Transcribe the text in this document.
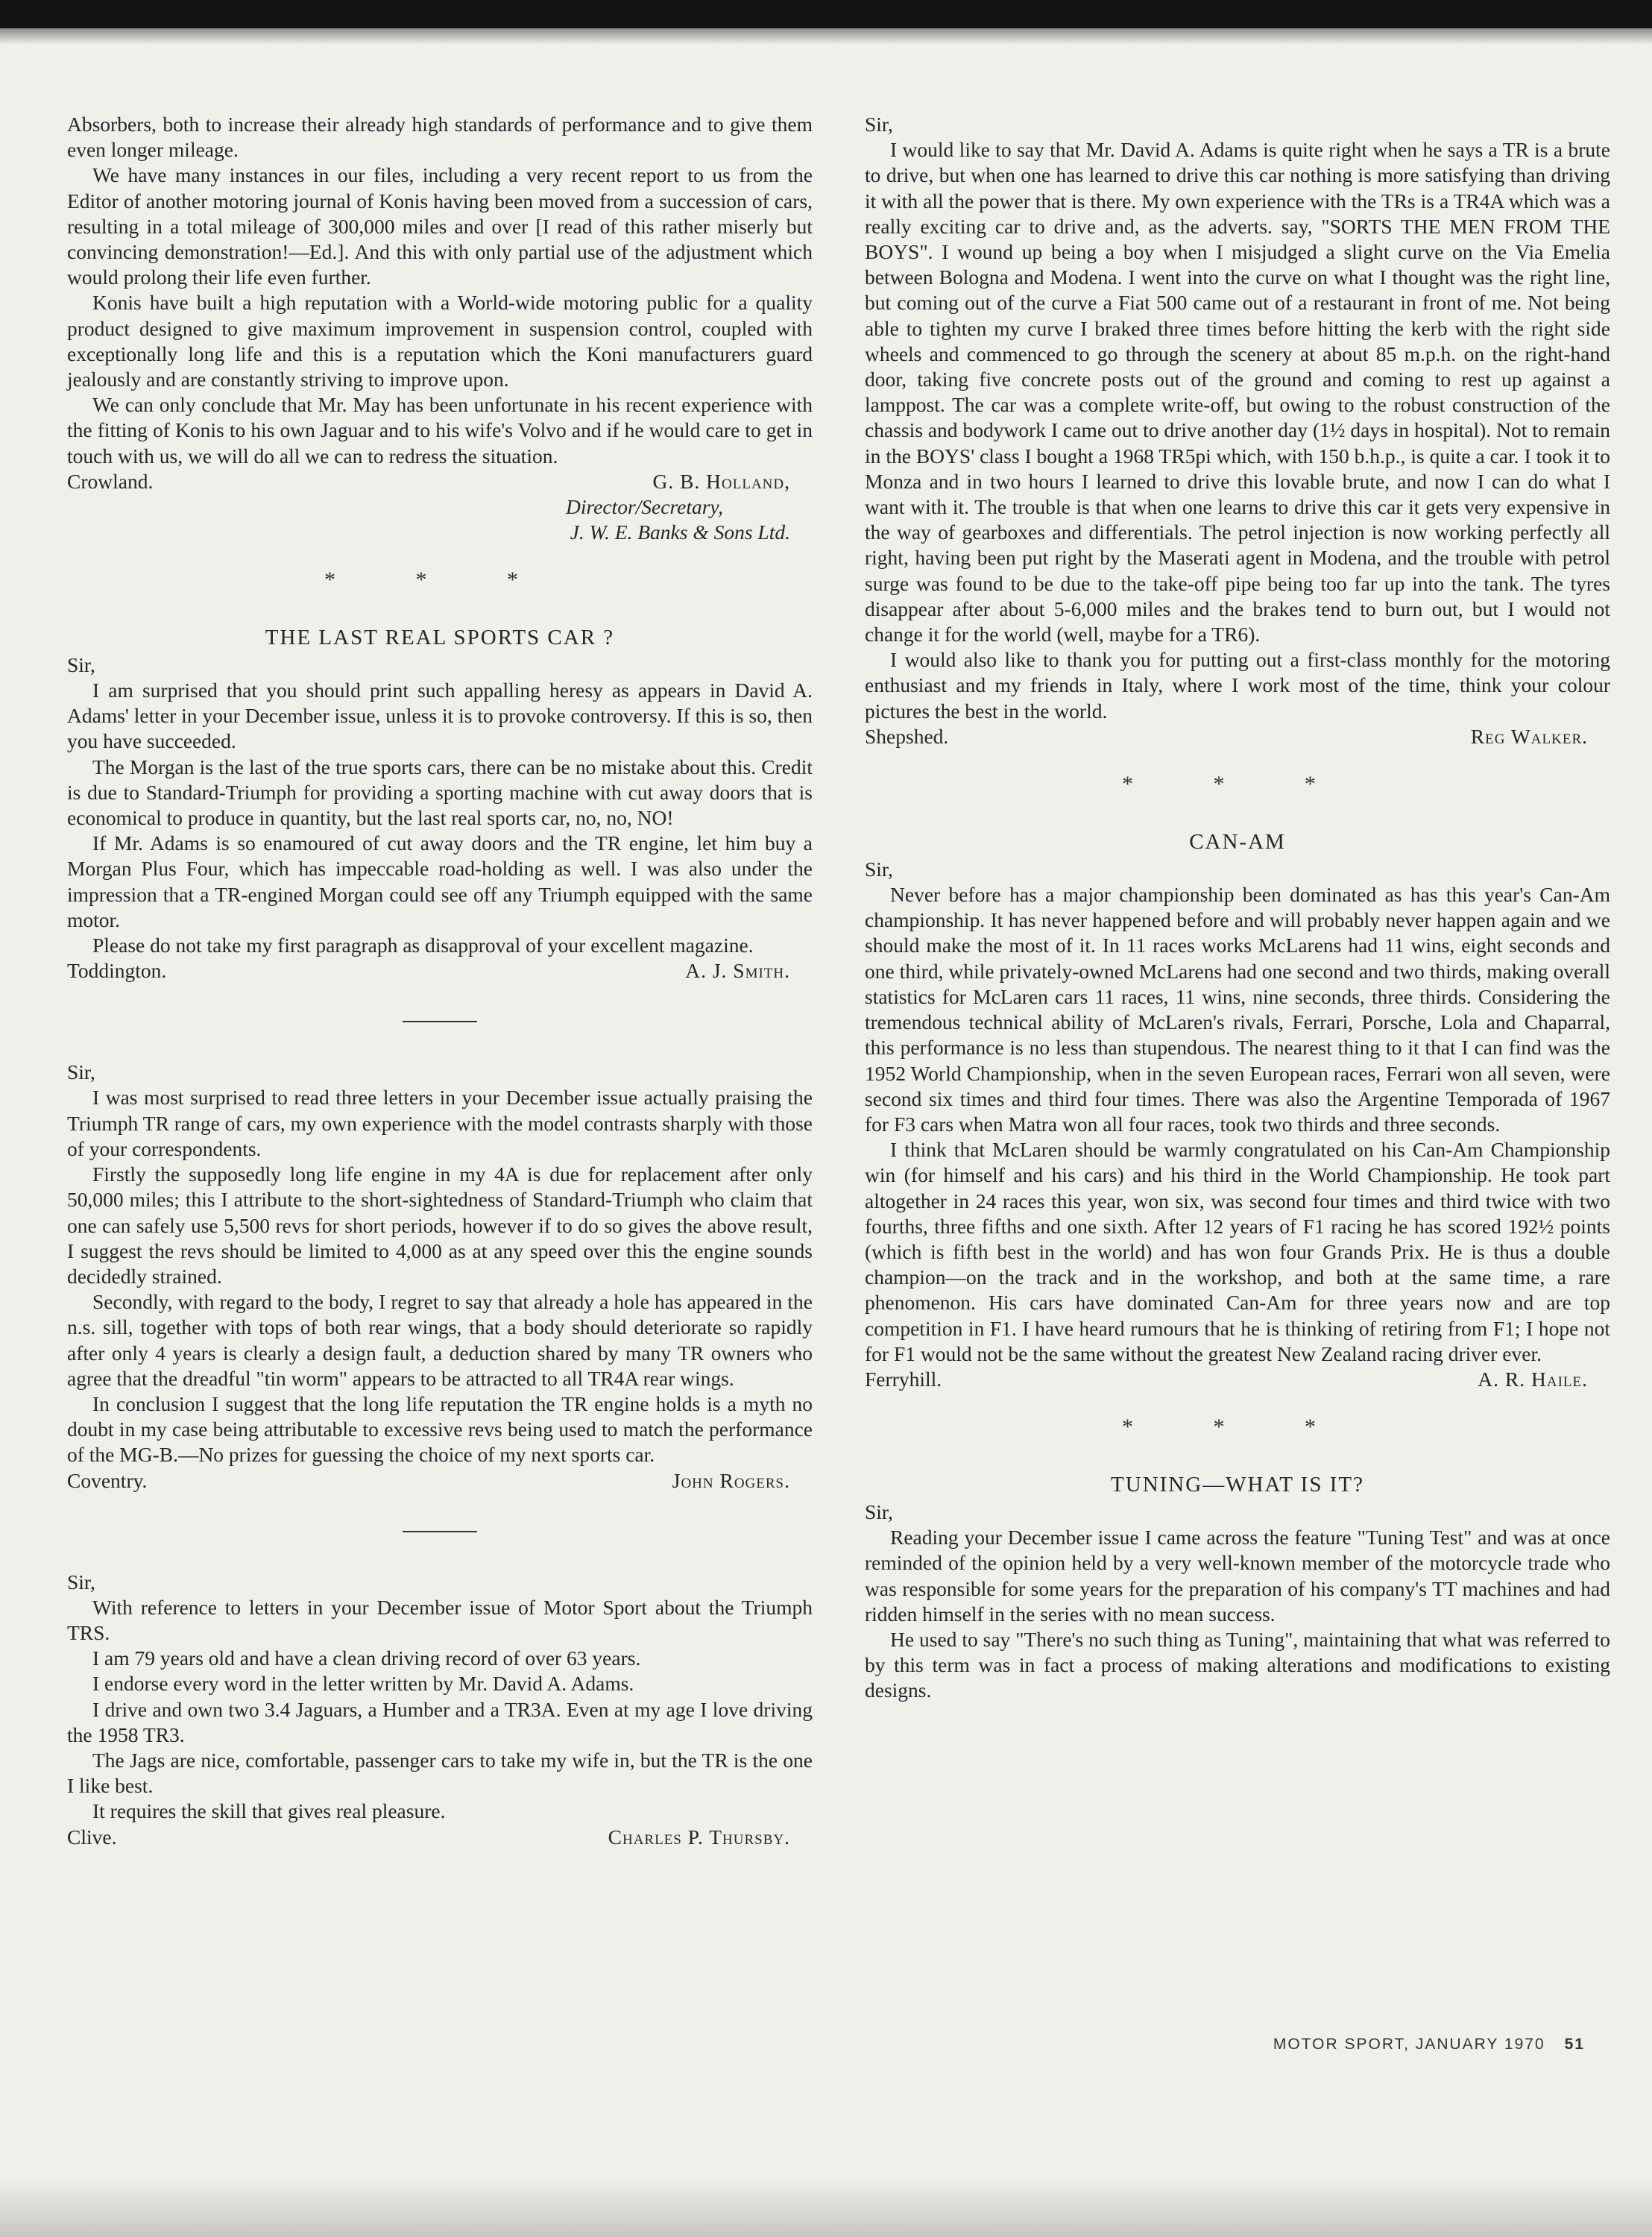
Absorbers, both to increase their already high standards of performance and to give them even longer mileage.

We have many instances in our files, including a very recent report to us from the Editor of another motoring journal of Konis having been moved from a succession of cars, resulting in a total mileage of 300,000 miles and over [I read of this rather miserly but convincing demonstration!—Ed.]. And this with only partial use of the adjustment which would prolong their life even further.

Konis have built a high reputation with a World-wide motoring public for a quality product designed to give maximum improvement in suspension control, coupled with exceptionally long life and this is a reputation which the Koni manufacturers guard jealously and are constantly striving to improve upon.

We can only conclude that Mr. May has been unfortunate in his recent experience with the fitting of Konis to his own Jaguar and to his wife's Volvo and if he would care to get in touch with us, we will do all we can to redress the situation.

Crowland.	G. B. Holland,
Director/Secretary,
J. W. E. Banks & Sons Ltd.
* * *
THE LAST REAL SPORTS CAR ?

Sir,

I am surprised that you should print such appalling heresy as appears in David A. Adams' letter in your December issue, unless it is to provoke controversy. If this is so, then you have succeeded.

The Morgan is the last of the true sports cars, there can be no mistake about this. Credit is due to Standard-Triumph for providing a sporting machine with cut away doors that is economical to produce in quantity, but the last real sports car, no, no, NO!

If Mr. Adams is so enamoured of cut away doors and the TR engine, let him buy a Morgan Plus Four, which has impeccable road-holding as well. I was also under the impression that a TR-engined Morgan could see off any Triumph equipped with the same motor.

Please do not take my first paragraph as disapproval of your excellent magazine.

Toddington.	A. J. Smith.

Sir,

I was most surprised to read three letters in your December issue actually praising the Triumph TR range of cars, my own experience with the model contrasts sharply with those of your correspondents.

Firstly the supposedly long life engine in my 4A is due for replacement after only 50,000 miles; this I attribute to the short-sightedness of Standard-Triumph who claim that one can safely use 5,500 revs for short periods, however if to do so gives the above result, I suggest the revs should be limited to 4,000 as at any speed over this the engine sounds decidedly strained.

Secondly, with regard to the body, I regret to say that already a hole has appeared in the n.s. sill, together with tops of both rear wings, that a body should deteriorate so rapidly after only 4 years is clearly a design fault, a deduction shared by many TR owners who agree that the dreadful "tin worm" appears to be attracted to all TR4A rear wings.

In conclusion I suggest that the long life reputation the TR engine holds is a myth no doubt in my case being attributable to excessive revs being used to match the performance of the MG-B.—No prizes for guessing the choice of my next sports car.

Coventry.	John Rogers.

Sir,

With reference to letters in your December issue of Motor Sport about the Triumph TRS.

I am 79 years old and have a clean driving record of over 63 years.

I endorse every word in the letter written by Mr. David A. Adams.

I drive and own two 3.4 Jaguars, a Humber and a TR3A. Even at my age I love driving the 1958 TR3.

The Jags are nice, comfortable, passenger cars to take my wife in, but the TR is the one I like best.

It requires the skill that gives real pleasure.

Clive.	Charles P. Thursby.

Sir,

I would like to say that Mr. David A. Adams is quite right when he says a TR is a brute to drive, but when one has learned to drive this car nothing is more satisfying than driving it with all the power that is there. My own experience with the TRs is a TR4A which was a really exciting car to drive and, as the adverts. say, "SORTS THE MEN FROM THE BOYS". I wound up being a boy when I misjudged a slight curve on the Via Emelia between Bologna and Modena. I went into the curve on what I thought was the right line, but coming out of the curve a Fiat 500 came out of a restaurant in front of me. Not being able to tighten my curve I braked three times before hitting the kerb with the right side wheels and commenced to go through the scenery at about 85 m.p.h. on the right-hand door, taking five concrete posts out of the ground and coming to rest up against a lamppost. The car was a complete write-off, but owing to the robust construction of the chassis and bodywork I came out to drive another day (1½ days in hospital). Not to remain in the BOYS' class I bought a 1968 TR5pi which, with 150 b.h.p., is quite a car. I took it to Monza and in two hours I learned to drive this lovable brute, and now I can do what I want with it. The trouble is that when one learns to drive this car it gets very expensive in the way of gearboxes and differentials. The petrol injection is now working perfectly all right, having been put right by the Maserati agent in Modena, and the trouble with petrol surge was found to be due to the take-off pipe being too far up into the tank. The tyres disappear after about 5-6,000 miles and the brakes tend to burn out, but I would not change it for the world (well, maybe for a TR6).

I would also like to thank you for putting out a first-class monthly for the motoring enthusiast and my friends in Italy, where I work most of the time, think your colour pictures the best in the world.

Shepshed.	Reg Walker.
* * *
CAN-AM

Sir,

Never before has a major championship been dominated as has this year's Can-Am championship. It has never happened before and will probably never happen again and we should make the most of it. In 11 races works McLarens had 11 wins, eight seconds and one third, while privately-owned McLarens had one second and two thirds, making overall statistics for McLaren cars 11 races, 11 wins, nine seconds, three thirds. Considering the tremendous technical ability of McLaren's rivals, Ferrari, Porsche, Lola and Chaparral, this performance is no less than stupendous. The nearest thing to it that I can find was the 1952 World Championship, when in the seven European races, Ferrari won all seven, were second six times and third four times. There was also the Argentine Temporada of 1967 for F3 cars when Matra won all four races, took two thirds and three seconds.

I think that McLaren should be warmly congratulated on his Can-Am Championship win (for himself and his cars) and his third in the World Championship. He took part altogether in 24 races this year, won six, was second four times and third twice with two fourths, three fifths and one sixth. After 12 years of F1 racing he has scored 192½ points (which is fifth best in the world) and has won four Grands Prix. He is thus a double champion—on the track and in the workshop, and both at the same time, a rare phenomenon. His cars have dominated Can-Am for three years now and are top competition in F1. I have heard rumours that he is thinking of retiring from F1; I hope not for F1 would not be the same without the greatest New Zealand racing driver ever.

Ferryhill.	A. R. Haile.
* * *
TUNING—WHAT IS IT?

Sir,

Reading your December issue I came across the feature "Tuning Test" and was at once reminded of the opinion held by a very well-known member of the motorcycle trade who was responsible for some years for the preparation of his company's TT machines and had ridden himself in the series with no mean success.

He used to say "There's no such thing as Tuning", maintaining that what was referred to by this term was in fact a process of making alterations and modifications to existing designs.

MOTOR SPORT, JANUARY 1970 51
